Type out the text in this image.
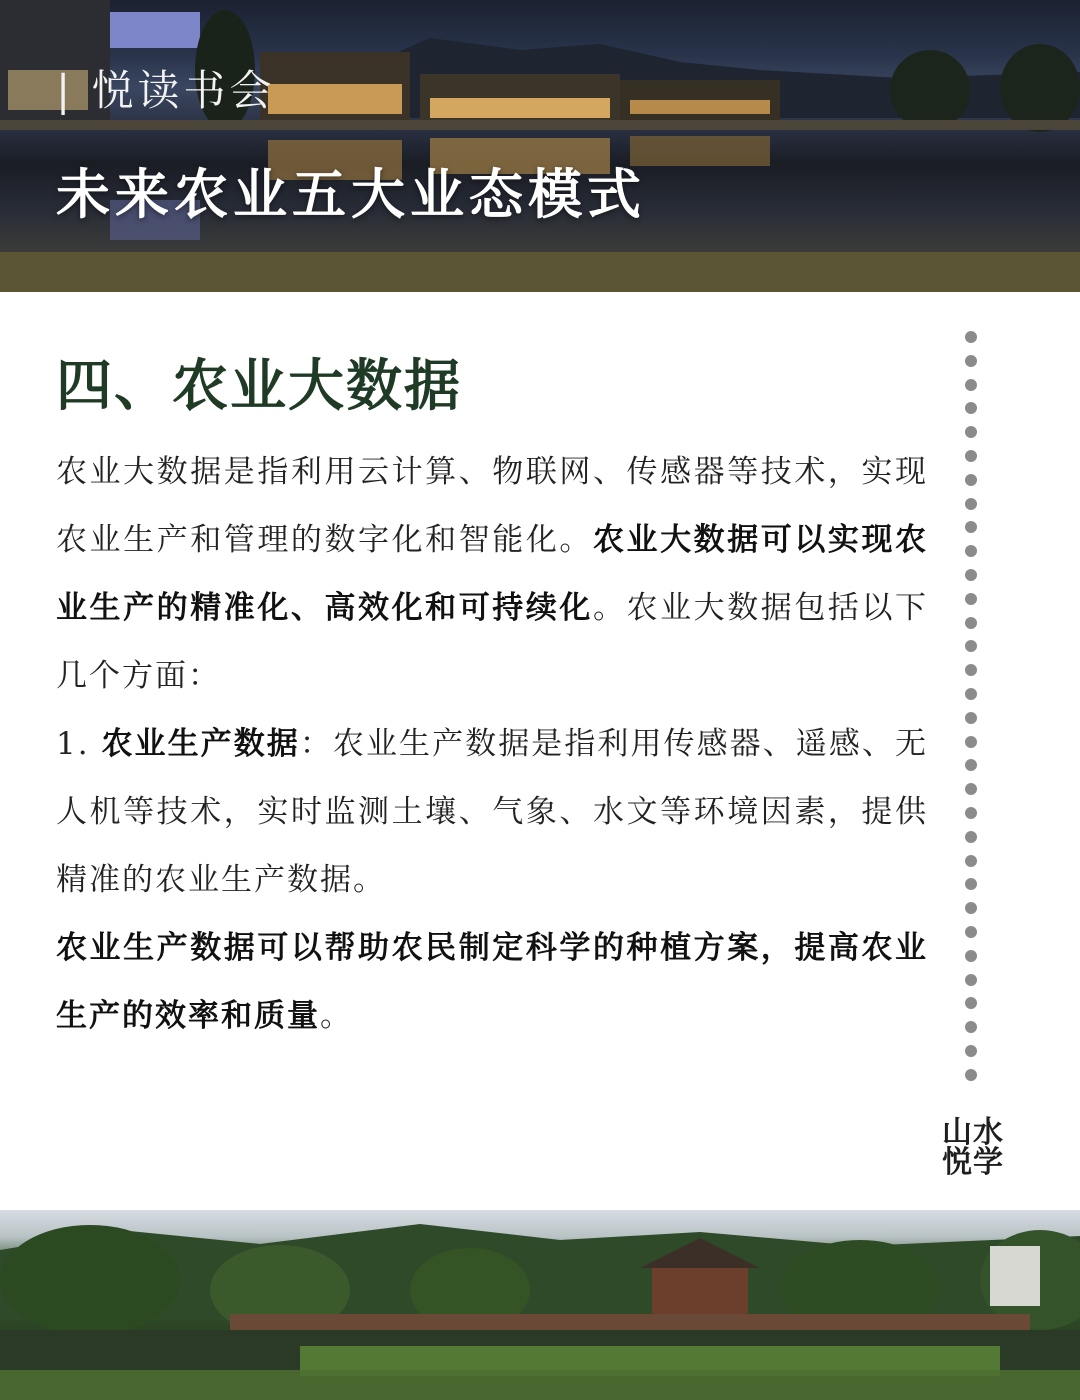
| 悦读书会
未来农业五大业态模式
四、农业大数据

农业大数据是指利用云计算、物联网、传感器等技术，实现农业生产和管理的数字化和智能化。农业大数据可以实现农业生产的精准化、高效化和可持续化。农业大数据包括以下几个方面：

1. 农业生产数据：农业生产数据是指利用传感器、遥感、无人机等技术，实时监测土壤、气象、水文等环境因素，提供精准的农业生产数据。

农业生产数据可以帮助农民制定科学的种植方案，提高农业生产的效率和质量。

山水
悦学
